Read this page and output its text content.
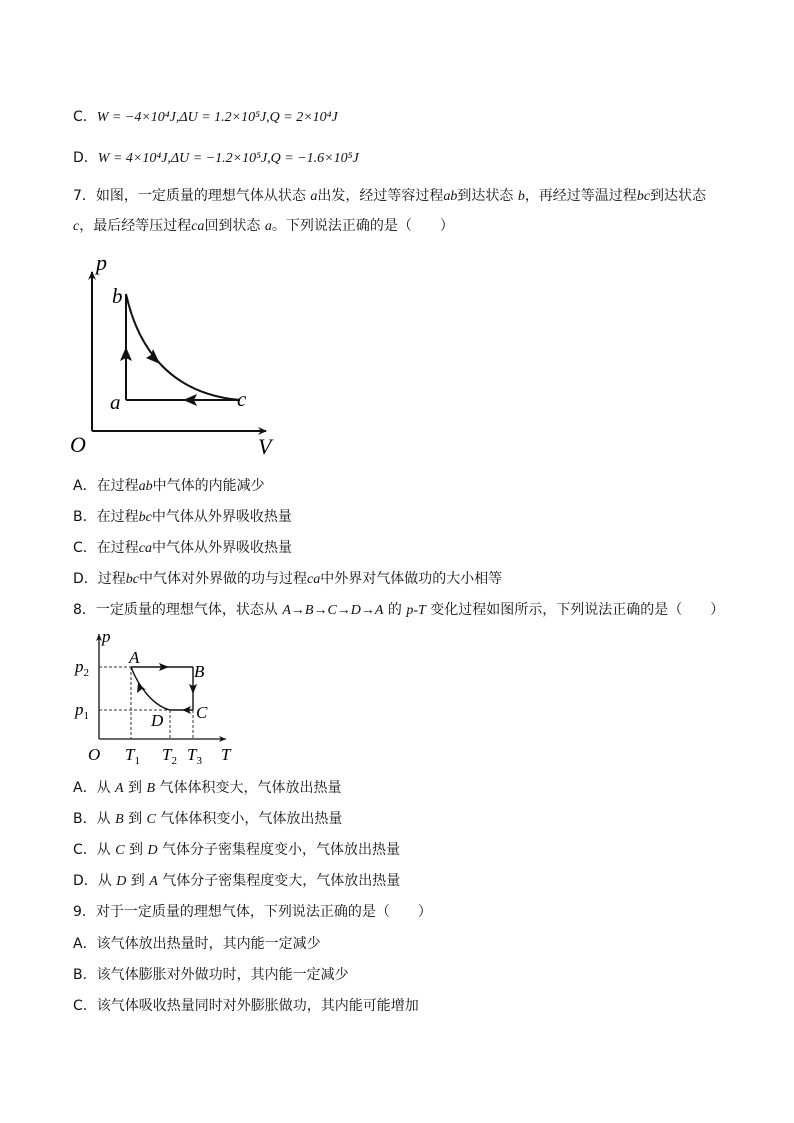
C．W = −4×10⁴J,ΔU = 1.2×10⁵J,Q = 2×10⁴J
D．W = 4×10⁴J,ΔU = −1.2×10⁵J,Q = −1.6×10⁵J
7．如图，一定质量的理想气体从状态 a出发，经过等容过程ab到达状态 b，再经过等温过程bc到达状态
c，最后经等压过程ca回到状态 a。下列说法正确的是（　　）
p
V
O
a
b
c
A．在过程ab中气体的内能减少
B．在过程bc中气体从外界吸收热量
C．在过程ca中气体从外界吸收热量
D．过程bc中气体对外界做的功与过程ca中外界对气体做功的大小相等
8．一定质量的理想气体，状态从 A→B→C→D→A 的 p-T 变化过程如图所示，下列说法正确的是（　　）
p
T
O
A
B
C
D
$p_2$
$p_1$
$T_1$ $T_2$ $T_3$
A．从 A 到 B 气体体积变大，气体放出热量
B．从 B 到 C 气体体积变小，气体放出热量
C．从 C 到 D 气体分子密集程度变小，气体放出热量
D．从 D 到 A 气体分子密集程度变大，气体放出热量
9．对于一定质量的理想气体，下列说法正确的是（　　）
A．该气体放出热量时，其内能一定减少
B．该气体膨胀对外做功时，其内能一定减少
C．该气体吸收热量同时对外膨胀做功，其内能可能增加
